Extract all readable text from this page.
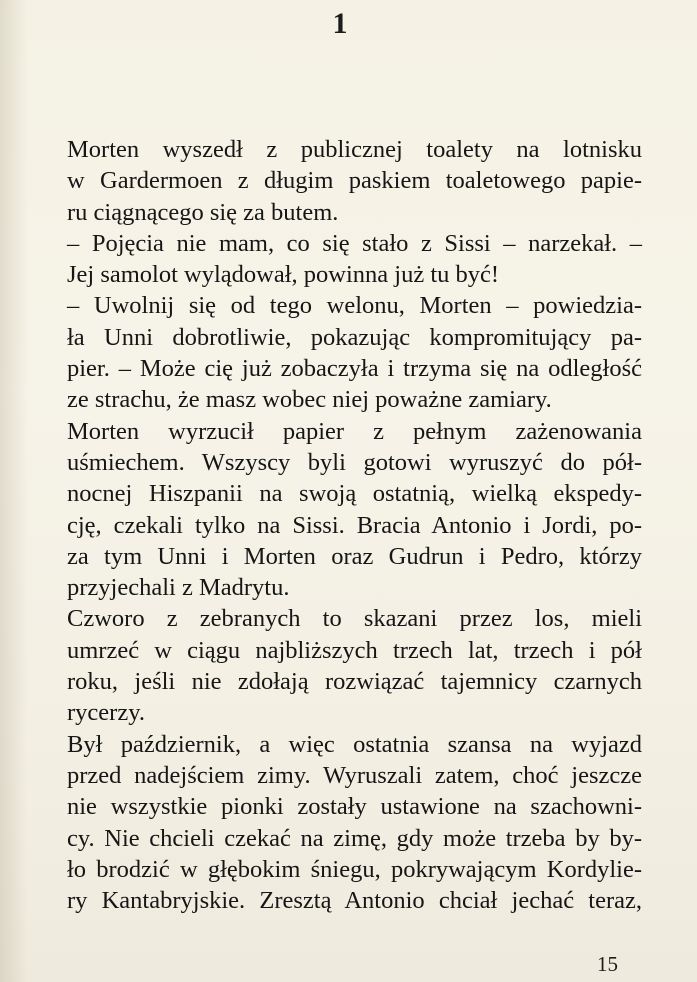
1

Morten wyszedł z publicznej toalety na lotnisku
w Gardermoen z długim paskiem toaletowego papie-
ru ciągnącego się za butem.

– Pojęcia nie mam, co się stało z Sissi – narzekał. –
Jej samolot wylądował, powinna już tu być!

– Uwolnij się od tego welonu, Morten – powiedzia-
ła Unni dobrotliwie, pokazując kompromitujący pa-
pier. – Może cię już zobaczyła i trzyma się na odległość
ze strachu, że masz wobec niej poważne zamiary.

Morten wyrzucił papier z pełnym zażenowania
uśmiechem. Wszyscy byli gotowi wyruszyć do pół-
nocnej Hiszpanii na swoją ostatnią, wielką ekspedy-
cję, czekali tylko na Sissi. Bracia Antonio i Jordi, po-
za tym Unni i Morten oraz Gudrun i Pedro, którzy
przyjechali z Madrytu.

Czworo z zebranych to skazani przez los, mieli
umrzeć w ciągu najbliższych trzech lat, trzech i pół
roku, jeśli nie zdołają rozwiązać tajemnicy czarnych
rycerzy.

Był październik, a więc ostatnia szansa na wyjazd
przed nadejściem zimy. Wyruszali zatem, choć jeszcze
nie wszystkie pionki zostały ustawione na szachowni-
cy. Nie chcieli czekać na zimę, gdy może trzeba by by-
ło brodzić w głębokim śniegu, pokrywającym Kordylie-
ry Kantabryjskie. Zresztą Antonio chciał jechać teraz,

15
